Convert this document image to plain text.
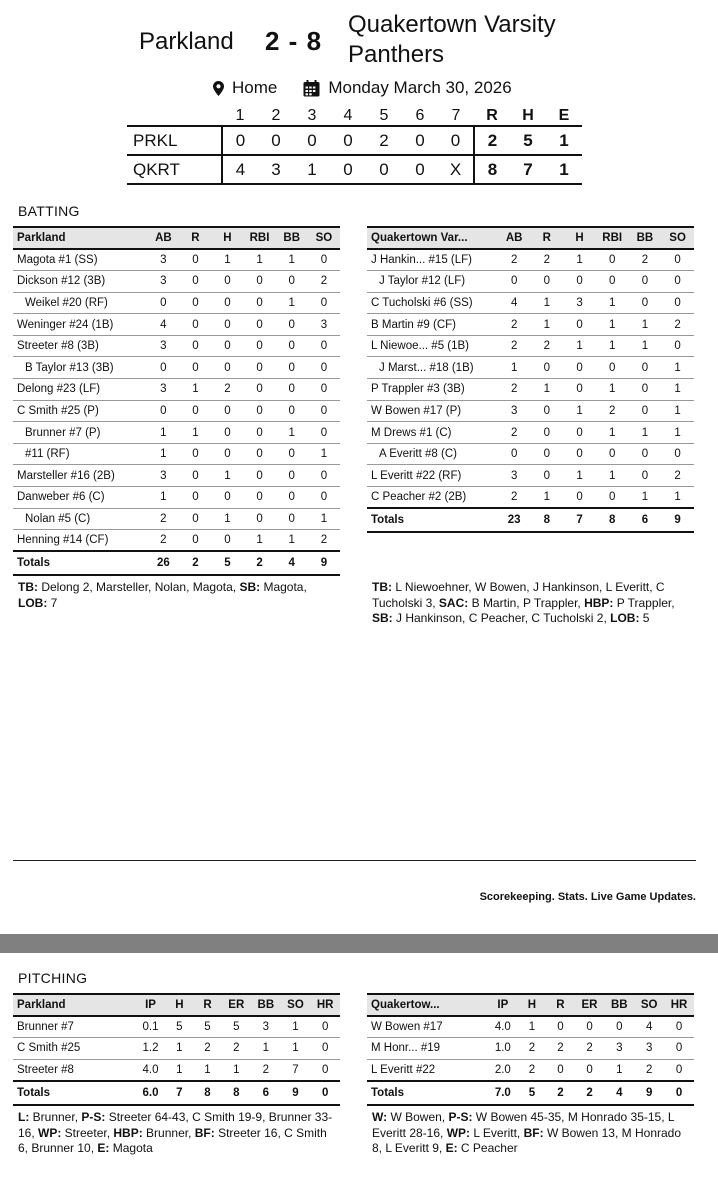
Parkland 2 - 8
Quakertown Varsity Panthers
Home	Monday March 30, 2026
	1	2	3	4	5	6	7	R	H	E
PRKL	0	0	0	0	2	0	0	2	5	1
QKRT	4	3	1	0	0	0	X	8	7	1
BATTING
Parkland	AB	R	H	RBI	BB	SO
Magota #1 (SS)	3	0	1	1	1	0
Dickson #12 (3B)	3	0	0	0	0	2
Weikel #20 (RF)	0	0	0	0	1	0
Weninger #24 (1B)	4	0	0	0	0	3
Streeter #8 (3B)	3	0	0	0	0	0
B Taylor #13 (3B)	0	0	0	0	0	0
Delong #23 (LF)	3	1	2	0	0	0
C Smith #25 (P)	0	0	0	0	0	0
Brunner #7 (P)	1	1	0	0	1	0
#11 (RF)	1	0	0	0	0	1
Marsteller #16 (2B)	3	0	1	0	0	0
Danweber #6 (C)	1	0	0	0	0	0
Nolan #5 (C)	2	0	1	0	0	1
Henning #14 (CF)	2	0	0	1	1	2
Totals	26	2	5	2	4	9
Quakertown Var...	AB	R	H	RBI	BB	SO
J Hankin... #15 (LF)	2	2	1	0	2	0
J Taylor #12 (LF)	0	0	0	0	0	0
C Tucholski #6 (SS)	4	1	3	1	0	0
B Martin #9 (CF)	2	1	0	1	1	2
L Niewoe... #5 (1B)	2	2	1	1	1	0
J Marst... #18 (1B)	1	0	0	0	0	1
P Trappler #3 (3B)	2	1	0	1	0	1
W Bowen #17 (P)	3	0	1	2	0	1
M Drews #1 (C)	2	0	0	1	1	1
A Everitt #8 (C)	0	0	0	0	0	0
L Everitt #22 (RF)	3	0	1	1	0	2
C Peacher #2 (2B)	2	1	0	0	1	1
Totals	23	8	7	8	6	9
TB: Delong 2, Marsteller, Nolan, Magota, SB: Magota, LOB: 7
TB: L Niewoehner, W Bowen, J Hankinson, L Everitt, C Tucholski 3, SAC: B Martin, P Trappler, HBP: P Trappler, SB: J Hankinson, C Peacher, C Tucholski 2, LOB: 5
Scorekeeping. Stats. Live Game Updates.
PITCHING
Parkland	IP	H	R	ER	BB	SO	HR
Brunner #7	0.1	5	5	5	3	1	0
C Smith #25	1.2	1	2	2	1	1	0
Streeter #8	4.0	1	1	1	2	7	0
Totals	6.0	7	8	8	6	9	0
Quakertow...	IP	H	R	ER	BB	SO	HR
W Bowen #17	4.0	1	0	0	0	4	0
M Honr... #19	1.0	2	2	2	3	3	0
L Everitt #22	2.0	2	0	0	1	2	0
Totals	7.0	5	2	2	4	9	0
L: Brunner, P-S: Streeter 64-43, C Smith 19-9, Brunner 33-16, WP: Streeter, HBP: Brunner, BF: Streeter 16, C Smith 6, Brunner 10, E: Magota
W: W Bowen, P-S: W Bowen 45-35, M Honrado 35-15, L Everitt 28-16, WP: L Everitt, BF: W Bowen 13, M Honrado 8, L Everitt 9, E: C Peacher
